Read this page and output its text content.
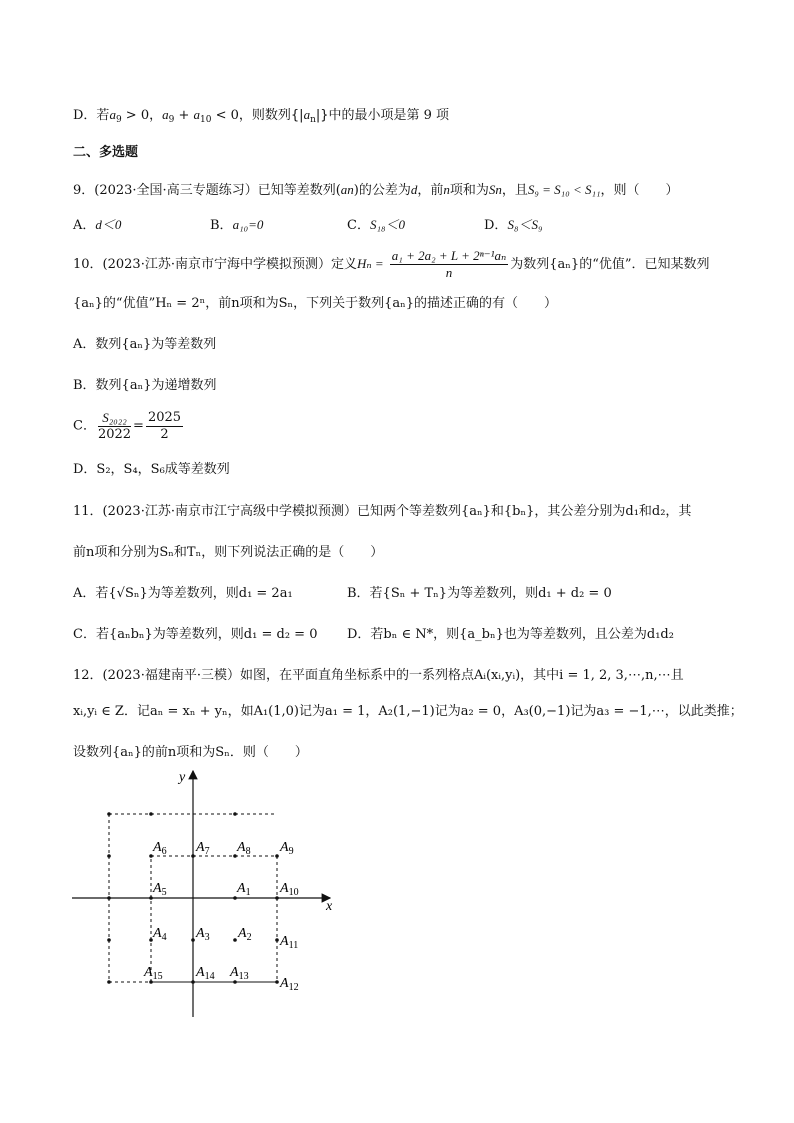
D．若$a_9 > 0$，$a_9 + a_{10} < 0$，则数列$\{|a_n|\}$中的最小项是第 9 项
二、多选题
9．(2023·全国·高三专题练习）已知等差数列(an)的公差为d，前n项和为Sn，且S₉ = S₁₀ < S₁₁，则（　　）
A．d＜0	B．a₁₀=0	C．S₁₈＜0	D．S₈＜S₉
10．(2023·江苏·南京市宁海中学模拟预测）定义$H_n = \frac{\text{a₁ + 2a₂ + L + 2ⁿ⁻¹aₙ}}{n}$ 为数列{aₙ}的“优值”．已知某数列
{aₙ}的“优值”Hₙ = 2ⁿ，前n项和为Sₙ，下列关于数列{aₙ}的描述正确的有（　　）
A．数列{aₙ}为等差数列
B．数列{aₙ}为递增数列
C． $\frac{\text{S₂₀₂₂}}{2022} = \frac{2025}{2}$
D．S₂，S₄，S₆成等差数列
11．(2023·江苏·南京市江宁高级中学模拟预测）已知两个等差数列{aₙ}和{bₙ}，其公差分别为d₁和d₂，其
前n项和分别为Sₙ和Tₙ，则下列说法正确的是（　　）
A．若{√Sₙ}为等差数列，则d₁ = 2a₁	B．若{Sₙ + Tₙ}为等差数列，则d₁ + d₂ = 0
C．若{aₙbₙ}为等差数列，则d₁ = d₂ = 0 D．若bₙ ∈ N*，则{a_bₙ}也为等差数列，且公差为d₁d₂
12．(2023·福建南平·三模）如图，在平面直角坐标系中的一系列格点Aᵢ(xᵢ,yᵢ)，其中i = 1, 2, 3,⋯,n,⋯且
xᵢ,yᵢ ∈ Z．记aₙ = xₙ + yₙ，如A₁(1,0)记为a₁ = 1，A₂(1,−1)记为a₂ = 0，A₃(0,−1)记为a₃ = −1,⋯，以此类推；
设数列{aₙ}的前n项和为Sₙ．则（　　）
x
y
$A_1$
$A_2$
$A_3$
$A_4$
$A_5$
$A_6$ $A_7$ $A_8$ $A_9$
$A_{10}$
$A_{11}$
$A_{12}$
$A_{13}$
$A_{14}$
$A_{15}$
